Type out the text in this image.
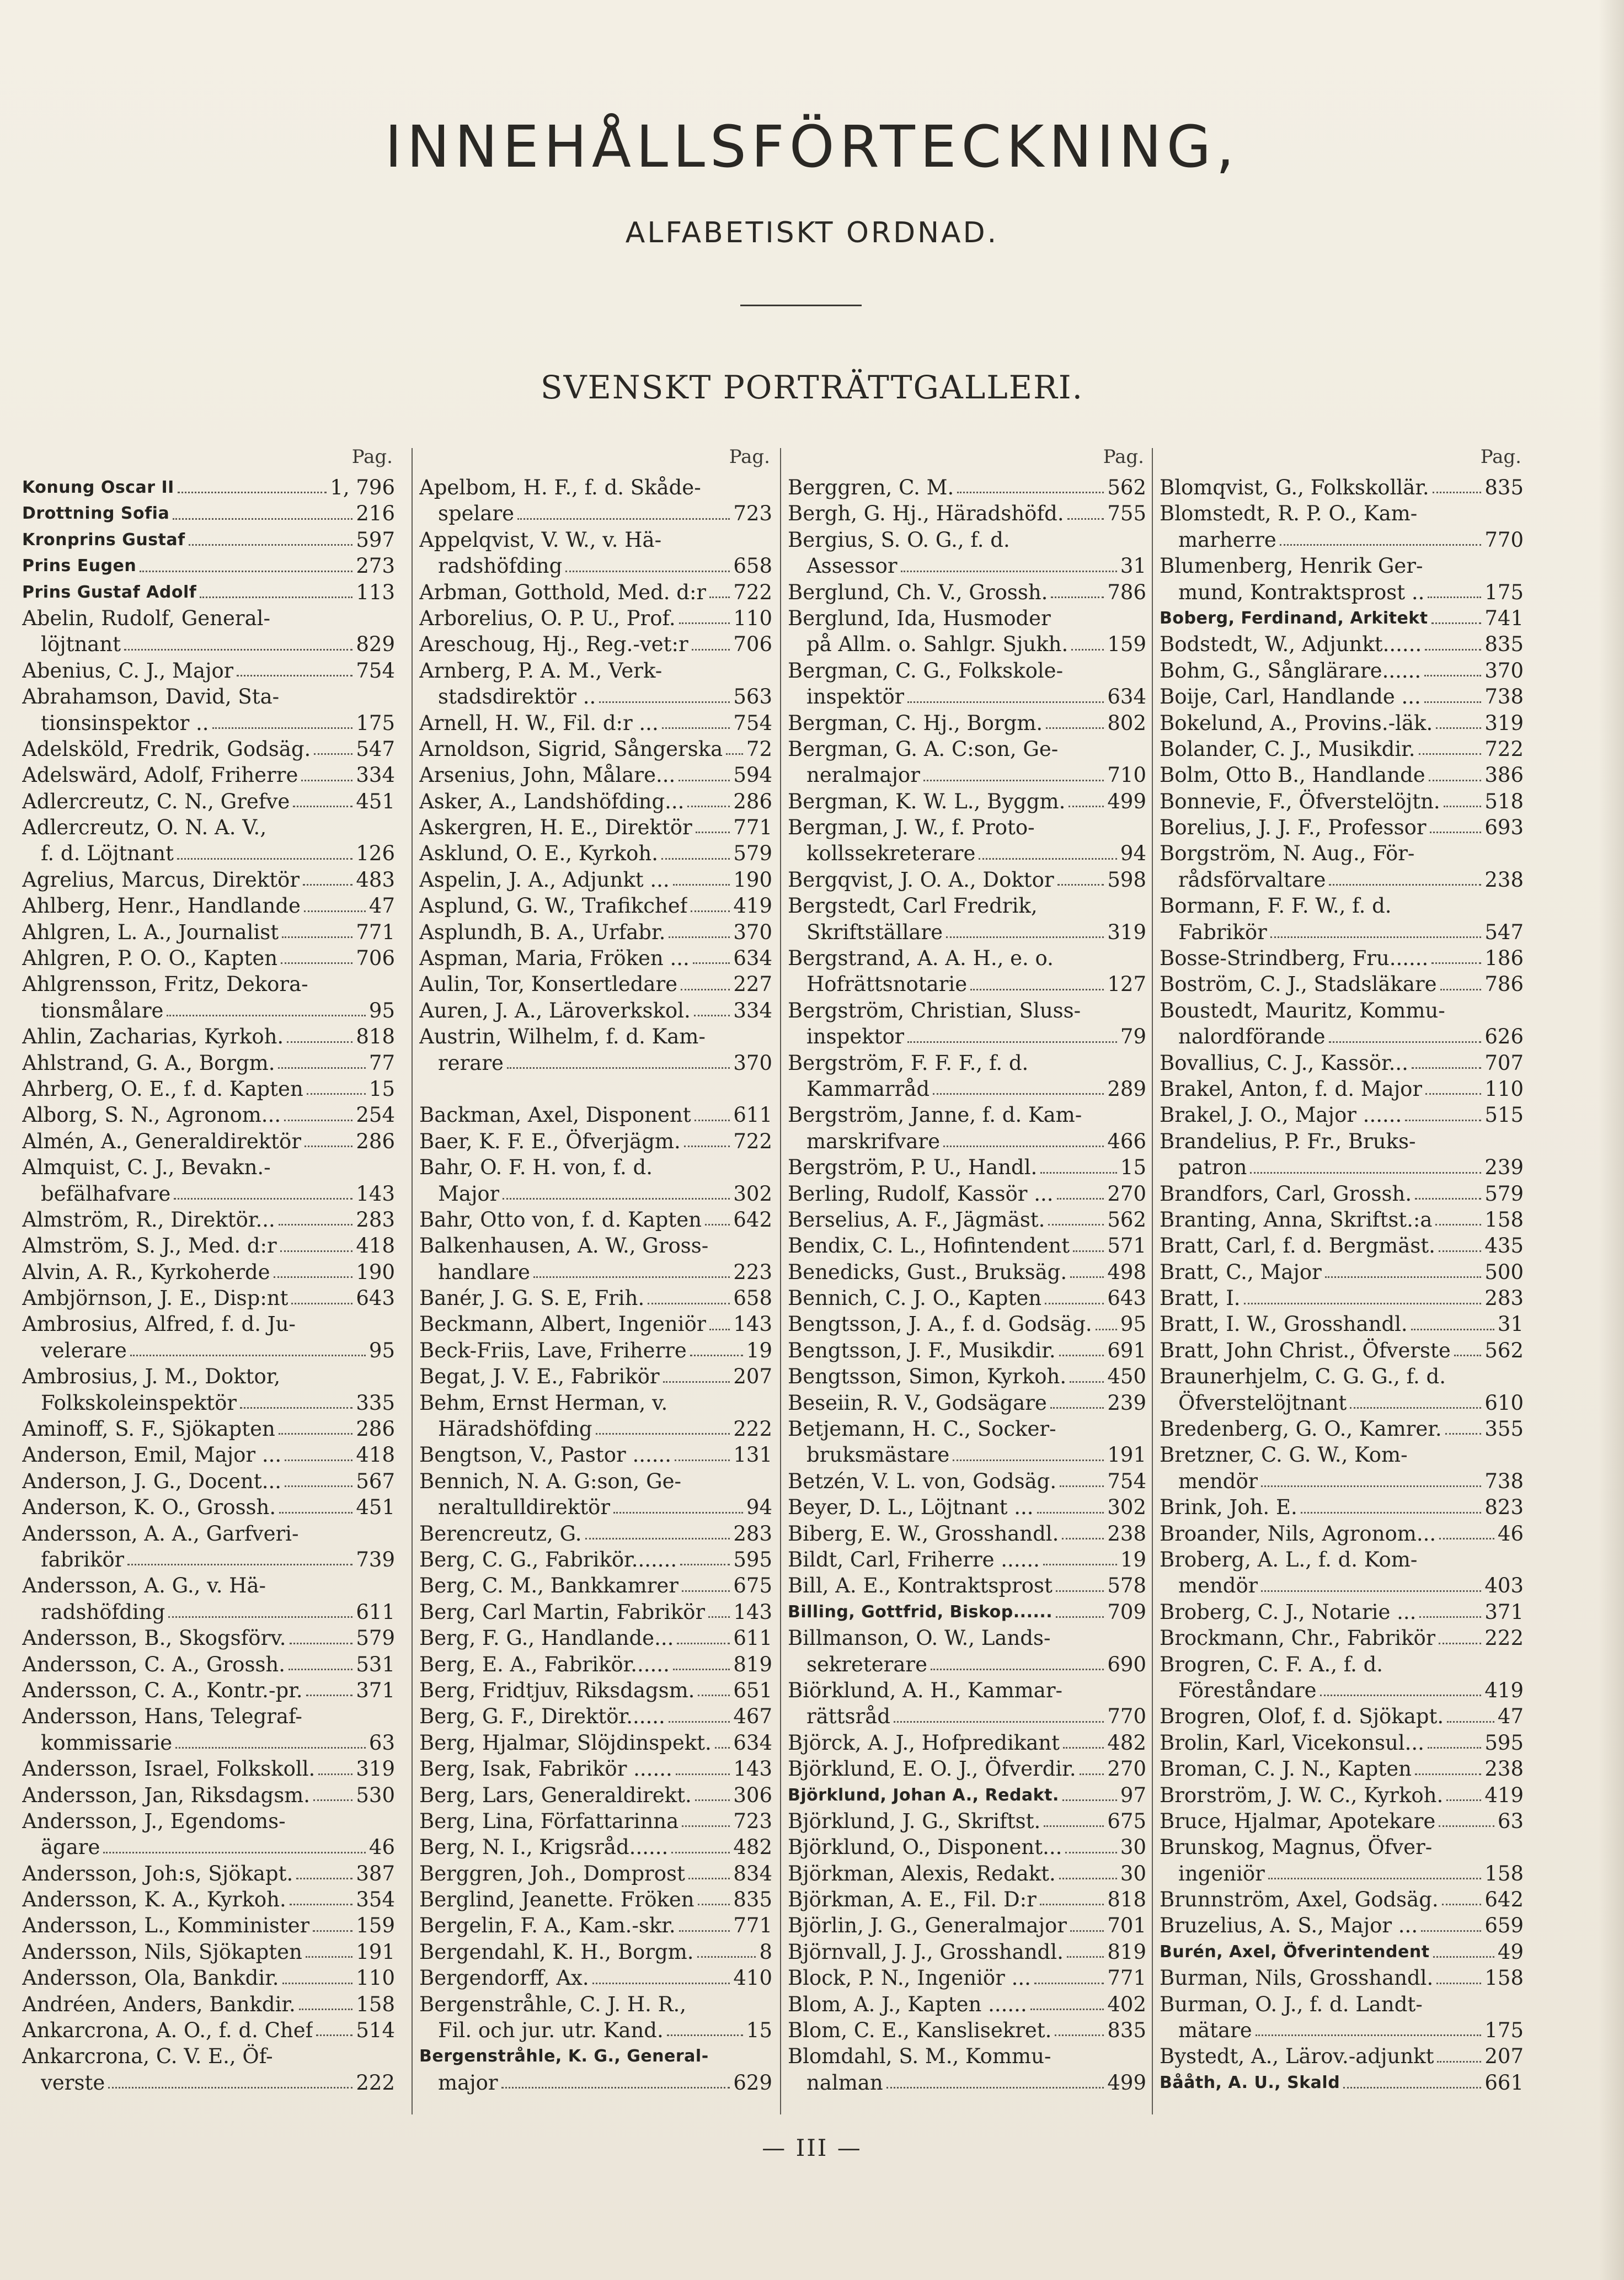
INNEHÅLLSFÖRTECKNING,
ALFABETISKT ORDNAD.
SVENSKT PORTRÄTTGALLERI.
Pag.
Konung Oscar II	1, 796
Drottning Sofia	216
Kronprins Gustaf	597
Prins Eugen	273
Prins Gustaf Adolf	113
Abelin, Rudolf, General-
löjtnant	829
Abenius, C. J., Major	754
Abrahamson, David, Sta-
tionsinspektor ..	175
Adelsköld, Fredrik, Godsäg. 547
Adelswärd, Adolf, Friherre	334
Adlercreutz, C. N., Grefve	451
Adlercreutz, O. N. A. V.,
f. d. Löjtnant	126
Agrelius, Marcus, Direktör	483
Ahlberg, Henr., Handlande	47
Ahlgren, L. A., Journalist	771
Ahlgren, P. O. O., Kapten	706
Ahlgrensson, Fritz, Dekora-
tionsmålare	95
Ahlin, Zacharias, Kyrkoh.	818
Ahlstrand, G. A., Borgm.	77
Ahrberg, O. E., f. d. Kapten	15
Alborg, S. N., Agronom...	254
Almén, A., Generaldirektör	286
Almquist, C. J., Bevakn.-
befälhafvare	143
Almström, R., Direktör...	283
Almström, S. J., Med. d:r	418
Alvin, A. R., Kyrkoherde	190
Ambjörnson, J. E., Disp:nt	643
Ambrosius, Alfred, f. d. Ju-
velerare	95
Ambrosius, J. M., Doktor,
Folkskoleinspektör	335
Aminoff, S. F., Sjökapten	286
Anderson, Emil, Major ...	418
Anderson, J. G., Docent...	567
Anderson, K. O., Grossh.	451
Andersson, A. A., Garfveri-
fabrikör	739
Andersson, A. G., v. Hä-
radshöfding	611
Andersson, B., Skogsförv.	579
Andersson, C. A., Grossh.	531
Andersson, C. A., Kontr.-pr.	371
Andersson, Hans, Telegraf-
kommissarie	63
Andersson, Israel, Folkskoll. 319
Andersson, Jan, Riksdagsm. 530
Andersson, J., Egendoms-
ägare	46
Andersson, Joh:s, Sjökapt.	387
Andersson, K. A., Kyrkoh.	354
Andersson, L., Komminister 159
Andersson, Nils, Sjökapten	191
Andersson, Ola, Bankdir.	110
Andréen, Anders, Bankdir.	158
Ankarcrona, A. O., f. d. Chef 514
Ankarcrona, C. V. E., Öf-
verste	222
Pag.
Apelbom, H. F., f. d. Skåde-
spelare	723
Appelqvist, V. W., v. Hä-
radshöfding	658
Arbman, Gotthold, Med. d:r 722
Arborelius, O. P. U., Prof.	110
Areschoug, Hj., Reg.-vet:r 706
Arnberg, P. A. M., Verk-
stadsdirektör ..	563
Arnell, H. W., Fil. d:r ...	754
Arnoldson, Sigrid, Sångerska 72
Arsenius, John, Målare...	594
Asker, A., Landshöfding... 286
Askergren, H. E., Direktör 771
Asklund, O. E., Kyrkoh.	579
Aspelin, J. A., Adjunkt ...	190
Asplund, G. W., Trafikchef 419
Asplundh, B. A., Urfabr.	370
Aspman, Maria, Fröken ... 634
Aulin, Tor, Konsertledare	227
Auren, J. A., Läroverkskol. 334
Austrin, Wilhelm, f. d. Kam-
rerare	370
Backman, Axel, Disponent 611
Baer, K. F. E., Öfverjägm.	722
Bahr, O. F. H. von, f. d.
Major	302
Bahr, Otto von, f. d. Kapten 642
Balkenhausen, A. W., Gross-
handlare	223
Banér, J. G. S. E, Frih.	658
Beckmann, Albert, Ingeniör 143
Beck-Friis, Lave, Friherre	19
Begat, J. V. E., Fabrikör	207
Behm, Ernst Herman, v.
Häradshöfding	222
Bengtson, V., Pastor ......	131
Bennich, N. A. G:son, Ge-
neraltulldirektör	94
Berencreutz, G.	283
Berg, C. G., Fabrikör.......	595
Berg, C. M., Bankkamrer	675
Berg, Carl Martin, Fabrikör 143
Berg, F. G., Handlande...	611
Berg, E. A., Fabrikör......	819
Berg, Fridtjuv, Riksdagsm. 651
Berg, G. F., Direktör......	467
Berg, Hjalmar, Slöjdinspekt. 634
Berg, Isak, Fabrikör ......	143
Berg, Lars, Generaldirekt. 306
Berg, Lina, Författarinna	723
Berg, N. I., Krigsråd......	482
Berggren, Joh., Domprost 834
Berglind, Jeanette. Fröken 835
Bergelin, F. A., Kam.-skr.	771
Bergendahl, K. H., Borgm.	8
Bergendorff, Ax.	410
Bergenstråhle, C. J. H. R.,
Fil. och jur. utr. Kand.	15
Bergenstråhle, K. G., General-
major	629
Pag.
Berggren, C. M.	562
Bergh, G. Hj., Häradshöfd. 755
Bergius, S. O. G., f. d.
Assessor	31
Berglund, Ch. V., Grossh.	786
Berglund, Ida, Husmoder
på Allm. o. Sahlgr. Sjukh. 159
Bergman, C. G., Folkskole-
inspektör	634
Bergman, C. Hj., Borgm.	802
Bergman, G. A. C:son, Ge-
neralmajor	710
Bergman, K. W. L., Byggm. 499
Bergman, J. W., f. Proto-
kollssekreterare	94
Bergqvist, J. O. A., Doktor	598
Bergstedt, Carl Fredrik,
Skriftställare	319
Bergstrand, A. A. H., e. o.
Hofrättsnotarie	127
Bergström, Christian, Sluss-
inspektor	79
Bergström, F. F. F., f. d.
Kammarråd	289
Bergström, Janne, f. d. Kam-
marskrifvare	466
Bergström, P. U., Handl.	15
Berling, Rudolf, Kassör ...	270
Berselius, A. F., Jägmäst.	562
Bendix, C. L., Hofintendent 571
Benedicks, Gust., Bruksäg. 498
Bennich, C. J. O., Kapten	643
Bengtsson, J. A., f. d. Godsäg. 95
Bengtsson, J. F., Musikdir.	691
Bengtsson, Simon, Kyrkoh. 450
Beseiin, R. V., Godsägare	239
Betjemann, H. C., Socker-
bruksmästare	191
Betzén, V. L. von, Godsäg. 754
Beyer, D. L., Löjtnant ...	302
Biberg, E. W., Grosshandl. 238
Bildt, Carl, Friherre ......	19
Bill, A. E., Kontraktsprost	578
Billing, Gottfrid, Biskop......	709
Billmanson, O. W., Lands-
sekreterare	690
Biörklund, A. H., Kammar-
rättsråd	770
Björck, A. J., Hofpredikant 482
Björklund, E. O. J., Öfverdir. 270
Björklund, Johan A., Redakt.	97
Björklund, J. G., Skriftst.	675
Björklund, O., Disponent...	30
Björkman, Alexis, Redakt.	30
Björkman, A. E., Fil. D:r	818
Björlin, J. G., Generalmajor 701
Björnvall, J. J., Grosshandl. 819
Block, P. N., Ingeniör ...	771
Blom, A. J., Kapten ......	402
Blom, C. E., Kanslisekret.	835
Blomdahl, S. M., Kommu-
nalman	499
Pag.
Blomqvist, G., Folkskollär.	835
Blomstedt, R. P. O., Kam-
marherre	770
Blumenberg, Henrik Ger-
mund, Kontraktsprost ..	175
Boberg, Ferdinand, Arkitekt	741
Bodstedt, W., Adjunkt......	835
Bohm, G., Sånglärare......	370
Boije, Carl, Handlande ...	738
Bokelund, A., Provins.-läk.	319
Bolander, C. J., Musikdir.	722
Bolm, Otto B., Handlande	386
Bonnevie, F., Öfverstelöjtn. 518
Borelius, J. J. F., Professor	693
Borgström, N. Aug., För-
rådsförvaltare	238
Bormann, F. F. W., f. d.
Fabrikör	547
Bosse-Strindberg, Fru......	186
Boström, C. J., Stadsläkare 786
Boustedt, Mauritz, Kommu-
nalordförande	626
Bovallius, C. J., Kassör...	707
Brakel, Anton, f. d. Major	110
Brakel, J. O., Major ......	515
Brandelius, P. Fr., Bruks-
patron	239
Brandfors, Carl, Grossh.	579
Branting, Anna, Skriftst.:a	158
Bratt, Carl, f. d. Bergmäst. 435
Bratt, C., Major	500
Bratt, I.	283
Bratt, I. W., Grosshandl.	31
Bratt, John Christ., Öfverste 562
Braunerhjelm, C. G. G., f. d.
Öfverstelöjtnant	610
Bredenberg, G. O., Kamrer. 355
Bretzner, C. G. W., Kom-
mendör	738
Brink, Joh. E.	823
Broander, Nils, Agronom...	46
Broberg, A. L., f. d. Kom-
mendör	403
Broberg, C. J., Notarie ...	371
Brockmann, Chr., Fabrikör 222
Brogren, C. F. A., f. d.
Föreståndare	419
Brogren, Olof, f. d. Sjökapt.	47
Brolin, Karl, Vicekonsul...	595
Broman, C. J. N., Kapten	238
Brorström, J. W. C., Kyrkoh. 419
Bruce, Hjalmar, Apotekare	63
Brunskog, Magnus, Öfver-
ingeniör	158
Brunnström, Axel, Godsäg. 642
Bruzelius, A. S., Major ...	659
Burén, Axel, Öfverintendent	49
Burman, Nils, Grosshandl.	158
Burman, O. J., f. d. Landt-
mätare	175
Bystedt, A., Lärov.-adjunkt 207
Bååth, A. U., Skald	661
— III —
